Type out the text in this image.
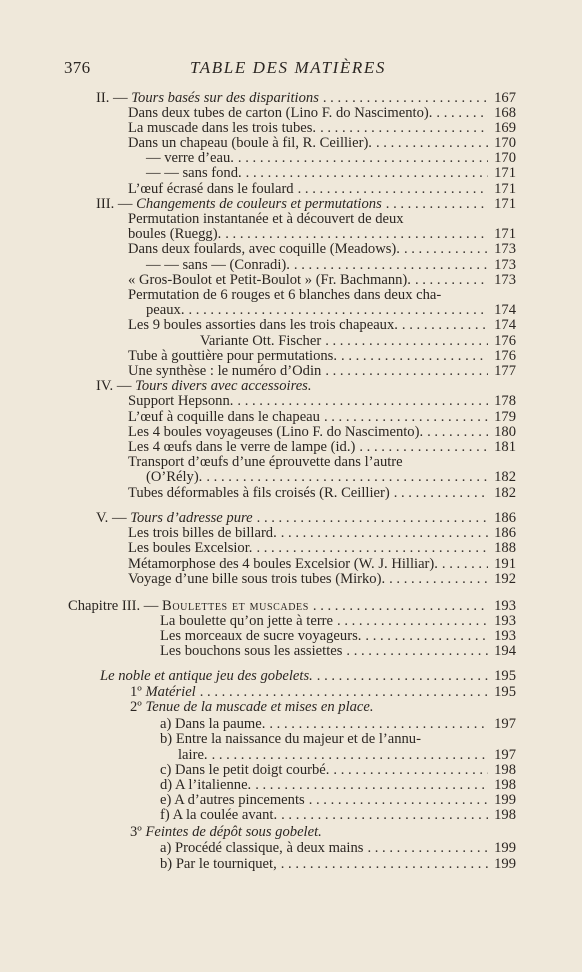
376	TABLE DES MATIÈRES
II. — Tours basés sur des disparitions . . .	167
Dans deux tubes de carton (Lino F. do Nascimento). . . .	168
La muscade dans les trois tubes. . . .	169
Dans un chapeau (boule à fil, R. Ceillier). . . .	170
— verre d’eau. . . .	170
— — sans fond. . . .	171
L’œuf écrasé dans le foulard . . .	171
III. — Changements de couleurs et permutations . . .	171
Permutation instantanée et à découvert de deux
boules (Ruegg). . . .	171
Dans deux foulards, avec coquille (Meadows). . . .	173
— — sans — (Conradi). . . .	173
« Gros-Boulot et Petit-Boulot » (Fr. Bachmann). . . .	173
Permutation de 6 rouges et 6 blanches dans deux cha-
peaux. . . .	174
Les 9 boules assorties dans les trois chapeaux. . . .	174
Variante Ott. Fischer . . .	176
Tube à gouttière pour permutations. . . .	176
Une synthèse : le numéro d’Odin . . .	177
IV. — Tours divers avec accessoires.
Support Hepsonn. . . .	178
L’œuf à coquille dans le chapeau . . .	179
Les 4 boules voyageuses (Lino F. do Nascimento). . . .	180
Les 4 œufs dans le verre de lampe (id.) . . .	181
Transport d’œufs d’une éprouvette dans l’autre
(O’Rély). . . .	182
Tubes déformables à fils croisés (R. Ceillier) . . .	182
V. — Tours d’adresse pure . . .	186
Les trois billes de billard. . . .	186
Les boules Excelsior. . . .	188
Métamorphose des 4 boules Excelsior (W. J. Hilliar). . . .	191
Voyage d’une bille sous trois tubes (Mirko). . . .	192
Chapitre III. — Boulettes et muscades . . .	193
La boulette qu’on jette à terre . . .	193
Les morceaux de sucre voyageurs. . . .	193
Les bouchons sous les assiettes . . .	194
Le noble et antique jeu des gobelets. . . .	195
1º Matériel . . .	195
2º Tenue de la muscade et mises en place.
a) Dans la paume. . . .	197
b) Entre la naissance du majeur et de l’annu-
laire. . . .	197
c) Dans le petit doigt courbé. . . .	198
d) A l’italienne. . . .	198
e) A d’autres pincements . . .	199
f) A la coulée avant. . . .	198
3º Feintes de dépôt sous gobelet.
a) Procédé classique, à deux mains . . .	199
b) Par le tourniquet, . . .	199
